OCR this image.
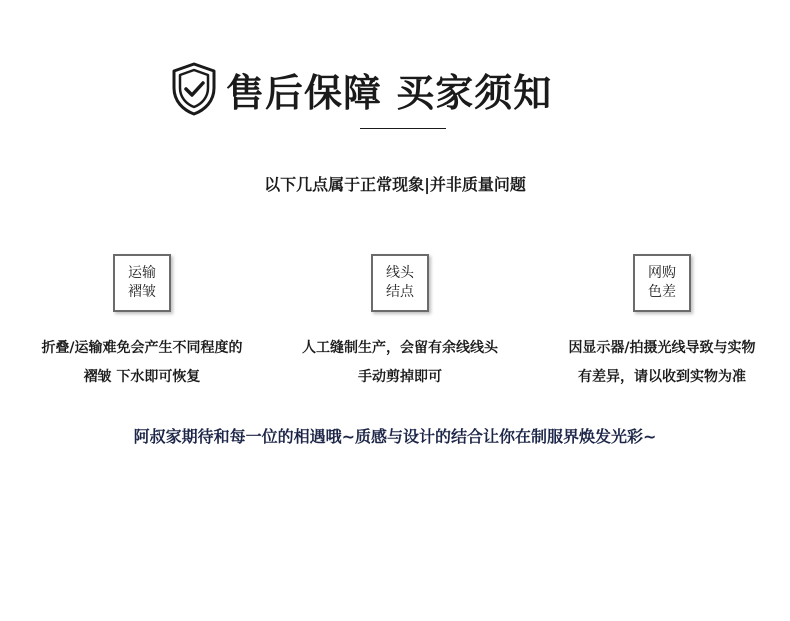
售后保障 买家须知
以下几点属于正常现象|并非质量问题
运输
褶皱
折叠/运输难免会产生不同程度的
褶皱 下水即可恢复
线头
结点
人工缝制生产，会留有余线线头
手动剪掉即可
网购
色差
因显示器/拍摄光线导致与实物
有差异，请以收到实物为准
阿叔家期待和每一位的相遇哦~质感与设计的结合让你在制服界焕发光彩~
